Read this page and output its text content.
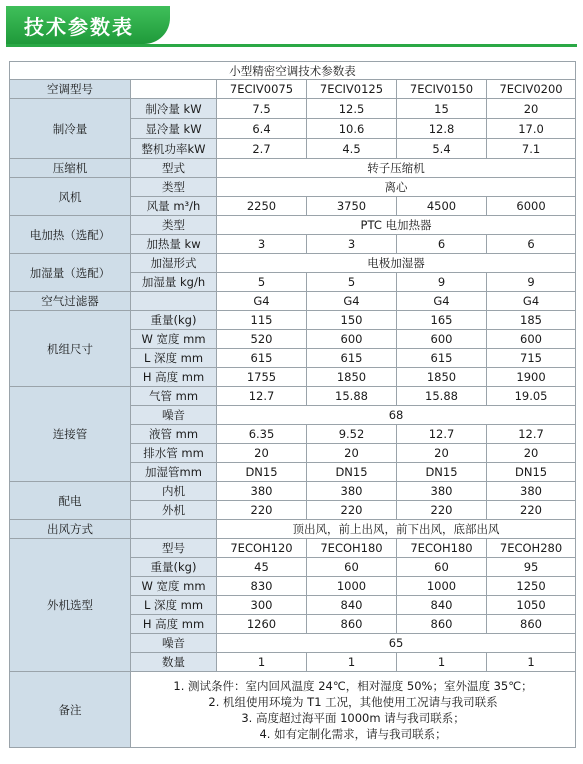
技术参数表
小型精密空调技术参数表					
空调型号		7ECIV0075	7ECIV0125	7ECIV0150	7ECIV0200
制冷量	制冷量 kW	7.5	12.5	15	20
	显冷量 kW	6.4	10.6	12.8	17.0
	整机功率kW	2.7	4.5	5.4	7.1
压缩机	型式	转子压缩机			
风机	类型	离心			
	风量 m³/h	2250	3750	4500	6000
电加热（选配）	类型	PTC 电加热器			
	加热量 kw	3	3	6	6
加湿量（选配）	加湿形式	电极加湿器			
	加湿量 kg/h	5	5	9	9
空气过滤器		G4	G4	G4	G4
机组尺寸	重量(kg)	115	150	165	185
	W 宽度 mm	520	600	600	600
	L 深度 mm	615	615	615	715
	H 高度 mm	1755	1850	1850	1900
连接管	气管 mm	12.7	15.88	15.88	19.05
	噪音	68			
	液管 mm	6.35	9.52	12.7	12.7
	排水管 mm	20	20	20	20
	加湿管mm	DN15	DN15	DN15	DN15
配电	内机	380	380	380	380
	外机	220	220	220	220
出风方式		顶出风，前上出风，前下出风，底部出风			
外机选型	型号	7ECOH120	7ECOH180	7ECOH180	7ECOH280
	重量(kg)	45	60	60	95
	W 宽度 mm	830	1000	1000	1250
	L 深度 mm	300	840	840	1050
	H 高度 mm	1260	860	860	860
	噪音	65			
	数量	1	1	1	1
备注	1. 测试条件：室内回风温度 24℃，相对湿度 50%；室外温度 35℃；
2. 机组使用环境为 T1 工况，其他使用工况请与我司联系
3. 高度超过海平面 1000m 请与我司联系；
4. 如有定制化需求，请与我司联系；				
